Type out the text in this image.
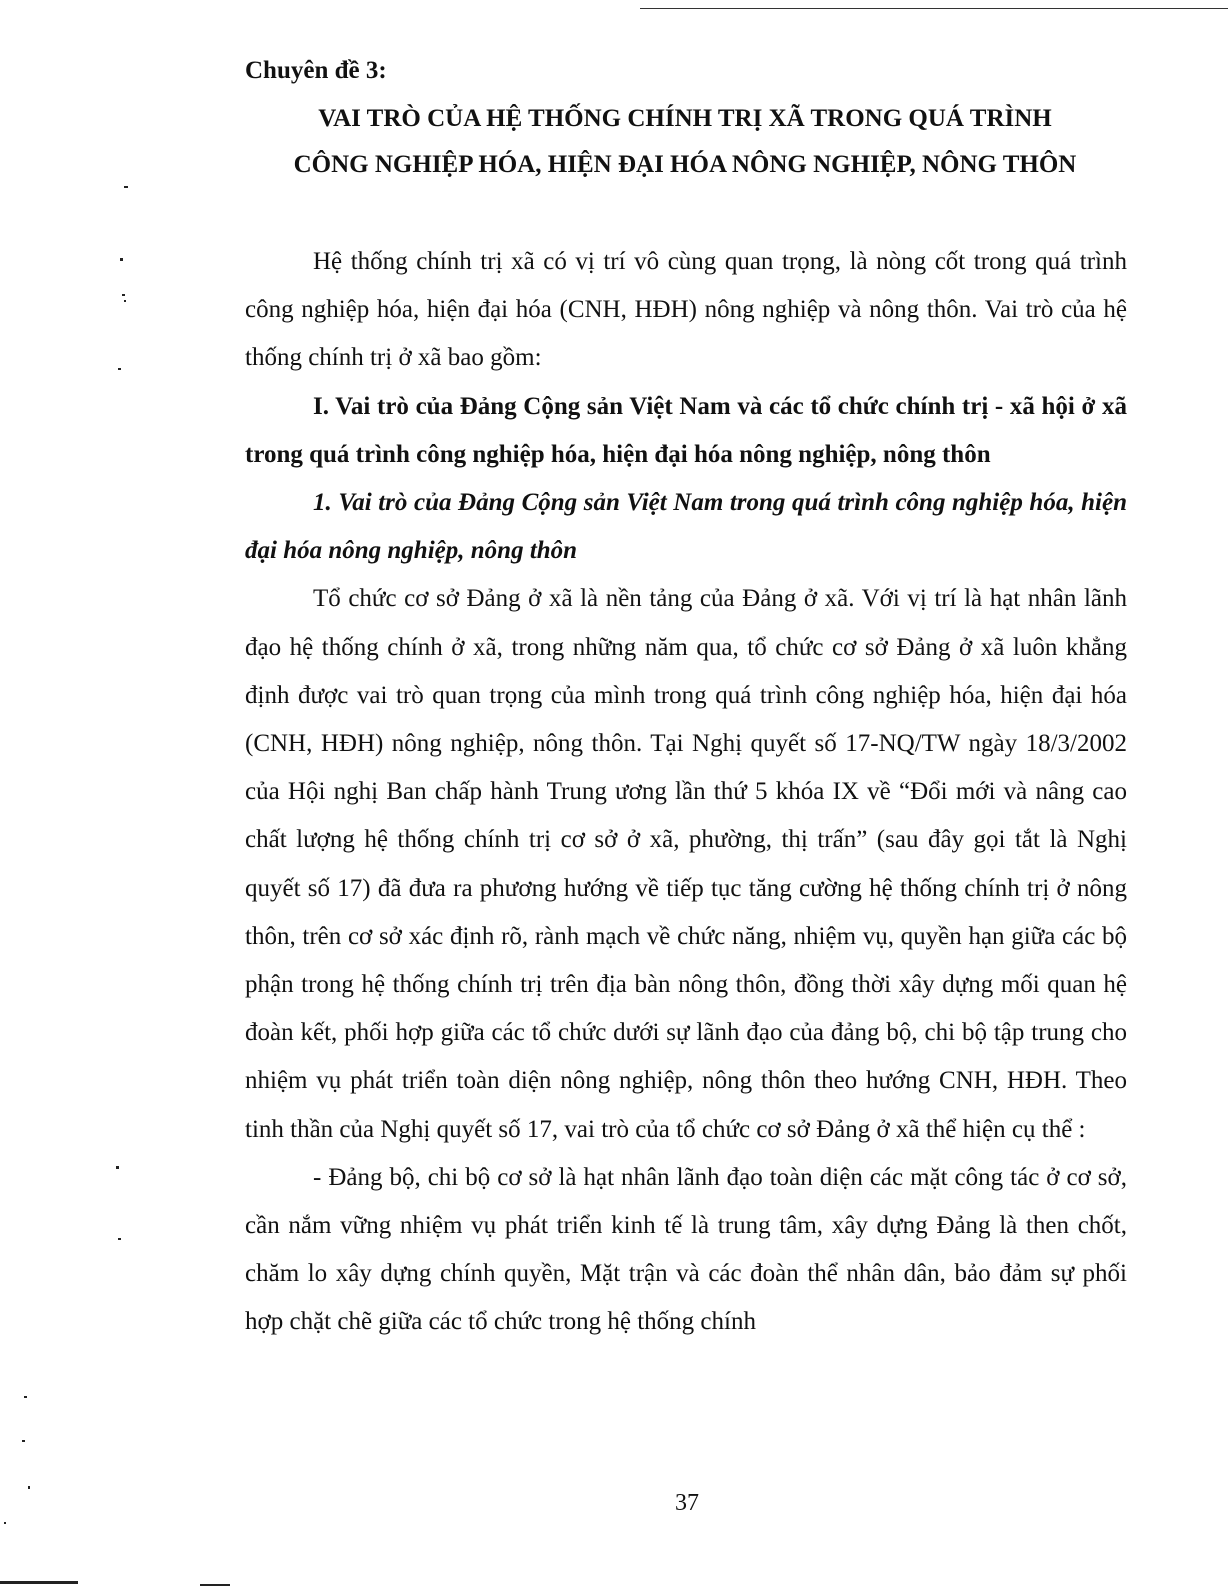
Chuyên đề 3:
VAI TRÒ CỦA HỆ THỐNG CHÍNH TRỊ XÃ TRONG QUÁ TRÌNH
CÔNG NGHIỆP HÓA, HIỆN ĐẠI HÓA NÔNG NGHIỆP, NÔNG THÔN

Hệ thống chính trị xã có vị trí vô cùng quan trọng, là nòng cốt trong quá trình công nghiệp hóa, hiện đại hóa (CNH, HĐH) nông nghiệp và nông thôn. Vai trò của hệ thống chính trị ở xã bao gồm:

I. Vai trò của Đảng Cộng sản Việt Nam và các tổ chức chính trị - xã hội ở xã trong quá trình công nghiệp hóa, hiện đại hóa nông nghiệp, nông thôn

1. Vai trò của Đảng Cộng sản Việt Nam trong quá trình công nghiệp hóa, hiện đại hóa nông nghiệp, nông thôn

Tổ chức cơ sở Đảng ở xã là nền tảng của Đảng ở xã. Với vị trí là hạt nhân lãnh đạo hệ thống chính ở xã, trong những năm qua, tổ chức cơ sở Đảng ở xã luôn khẳng định được vai trò quan trọng của mình trong quá trình công nghiệp hóa, hiện đại hóa (CNH, HĐH) nông nghiệp, nông thôn. Tại Nghị quyết số 17-NQ/TW ngày 18/3/2002 của Hội nghị Ban chấp hành Trung ương lần thứ 5 khóa IX về “Đổi mới và nâng cao chất lượng hệ thống chính trị cơ sở ở xã, phường, thị trấn” (sau đây gọi tắt là Nghị quyết số 17) đã đưa ra phương hướng về tiếp tục tăng cường hệ thống chính trị ở nông thôn, trên cơ sở xác định rõ, rành mạch về chức năng, nhiệm vụ, quyền hạn giữa các bộ phận trong hệ thống chính trị trên địa bàn nông thôn, đồng thời xây dựng mối quan hệ đoàn kết, phối hợp giữa các tổ chức dưới sự lãnh đạo của đảng bộ, chi bộ tập trung cho nhiệm vụ phát triển toàn diện nông nghiệp, nông thôn theo hướng CNH, HĐH. Theo tinh thần của Nghị quyết số 17, vai trò của tổ chức cơ sở Đảng ở xã thể hiện cụ thể :

- Đảng bộ, chi bộ cơ sở là hạt nhân lãnh đạo toàn diện các mặt công tác ở cơ sở, cần nắm vững nhiệm vụ phát triển kinh tế là trung tâm, xây dựng Đảng là then chốt, chăm lo xây dựng chính quyền, Mặt trận và các đoàn thể nhân dân, bảo đảm sự phối hợp chặt chẽ giữa các tổ chức trong hệ thống chính

37
